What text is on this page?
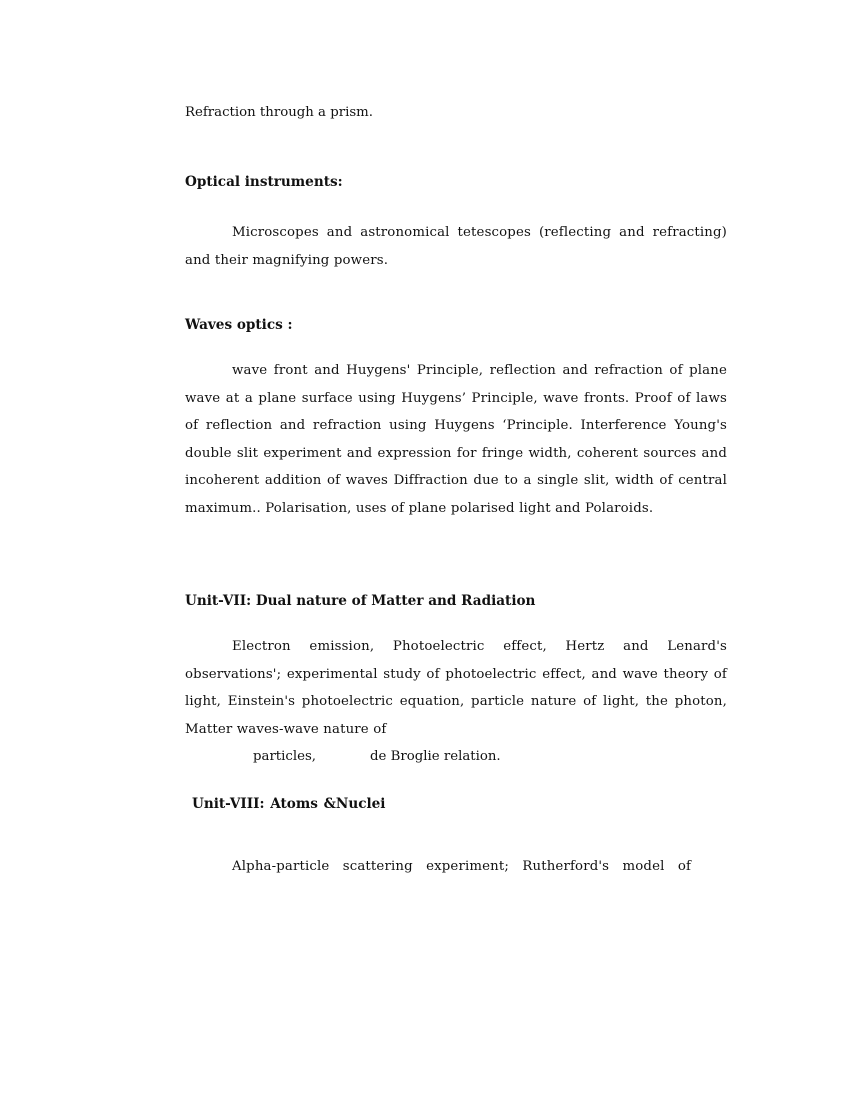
Refraction through a prism.
Optical instruments:
Microscopes and astronomical tetescopes (reflecting and refracting) and their magnifying powers.
Waves optics :
wave front and Huygens' Principle, reflection and refraction of plane wave at a plane surface using Huygens’ Principle, wave fronts. Proof of laws of reflection and refraction using Huygens ‘Principle. Interference Young's double slit experiment and expression for fringe width, coherent sources and incoherent addition of waves Diffraction due to a single slit, width of central maximum.. Polarisation, uses of plane polarised light and Polaroids.
Unit-VII: Dual nature of Matter and Radiation
Electron emission, Photoelectric effect, Hertz and Lenard's observations'; experimental study of photoelectric effect, and wave theory of light, Einstein's photoelectric equation, particle nature of light, the photon, Matter waves-wave nature of
particles,	de Broglie relation.
Unit-VIII: Atoms &Nuclei
Alpha-particle scattering experiment; Rutherford's model of
